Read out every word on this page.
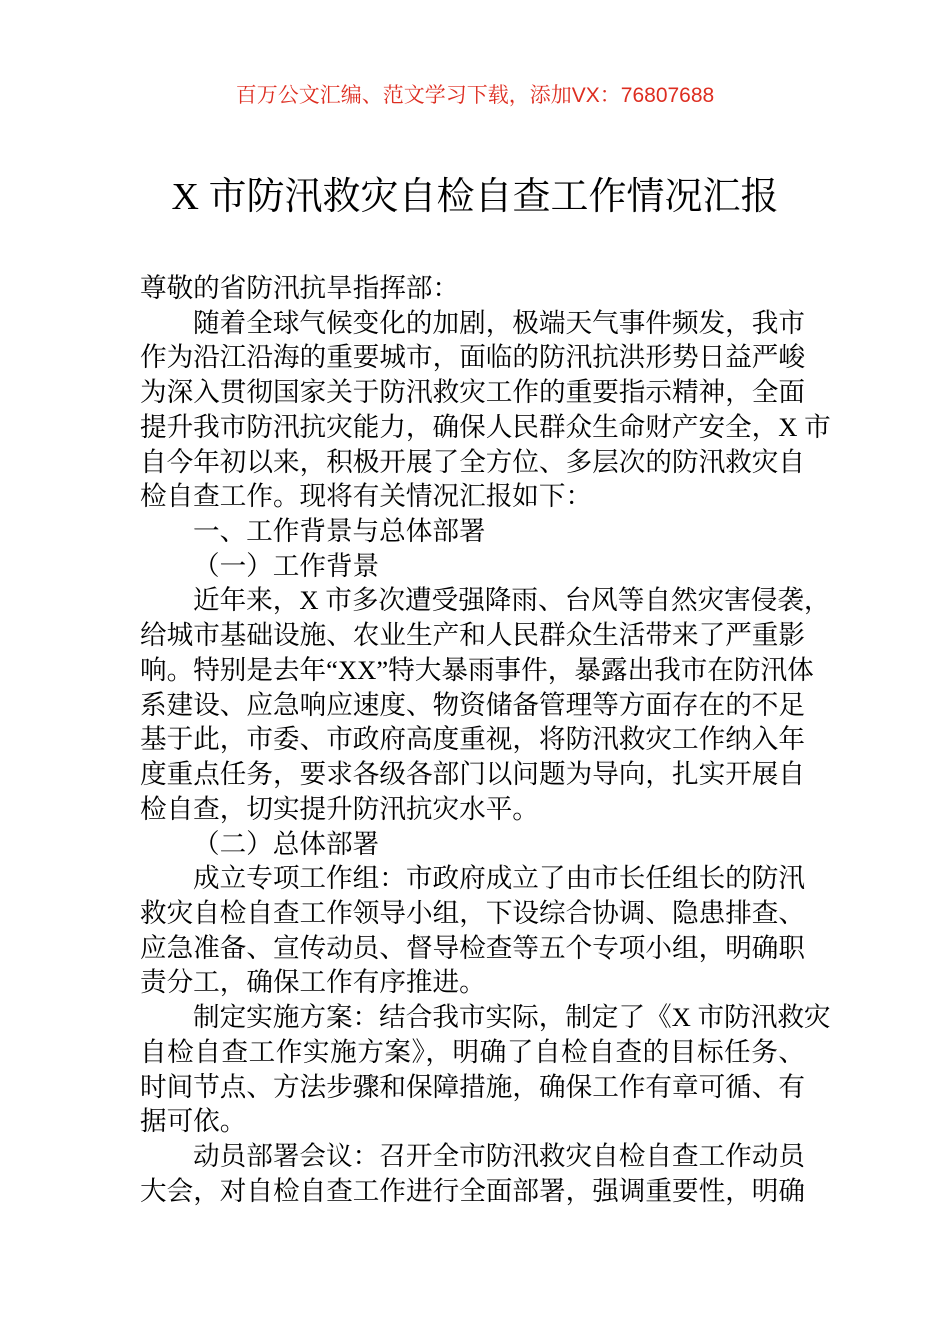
百万公文汇编、范文学习下载，添加VX：76807688
X 市防汛救灾自检自查工作情况汇报
尊敬的省防汛抗旱指挥部：
随着全球气候变化的加剧，极端天气事件频发，我市
作为沿江沿海的重要城市，面临的防汛抗洪形势日益严峻
为深入贯彻国家关于防汛救灾工作的重要指示精神，全面
提升我市防汛抗灾能力，确保人民群众生命财产安全，X 市
自今年初以来，积极开展了全方位、多层次的防汛救灾自
检自查工作。现将有关情况汇报如下：
一、工作背景与总体部署
（一）工作背景
近年来，X 市多次遭受强降雨、台风等自然灾害侵袭，
给城市基础设施、农业生产和人民群众生活带来了严重影
响。特别是去年“XX”特大暴雨事件，暴露出我市在防汛体
系建设、应急响应速度、物资储备管理等方面存在的不足
基于此，市委、市政府高度重视，将防汛救灾工作纳入年
度重点任务，要求各级各部门以问题为导向，扎实开展自
检自查，切实提升防汛抗灾水平。
（二）总体部署
成立专项工作组：市政府成立了由市长任组长的防汛
救灾自检自查工作领导小组，下设综合协调、隐患排查、
应急准备、宣传动员、督导检查等五个专项小组，明确职
责分工，确保工作有序推进。
制定实施方案：结合我市实际，制定了《X 市防汛救灾
自检自查工作实施方案》，明确了自检自查的目标任务、
时间节点、方法步骤和保障措施，确保工作有章可循、有
据可依。
动员部署会议：召开全市防汛救灾自检自查工作动员
大会，对自检自查工作进行全面部署，强调重要性，明确
